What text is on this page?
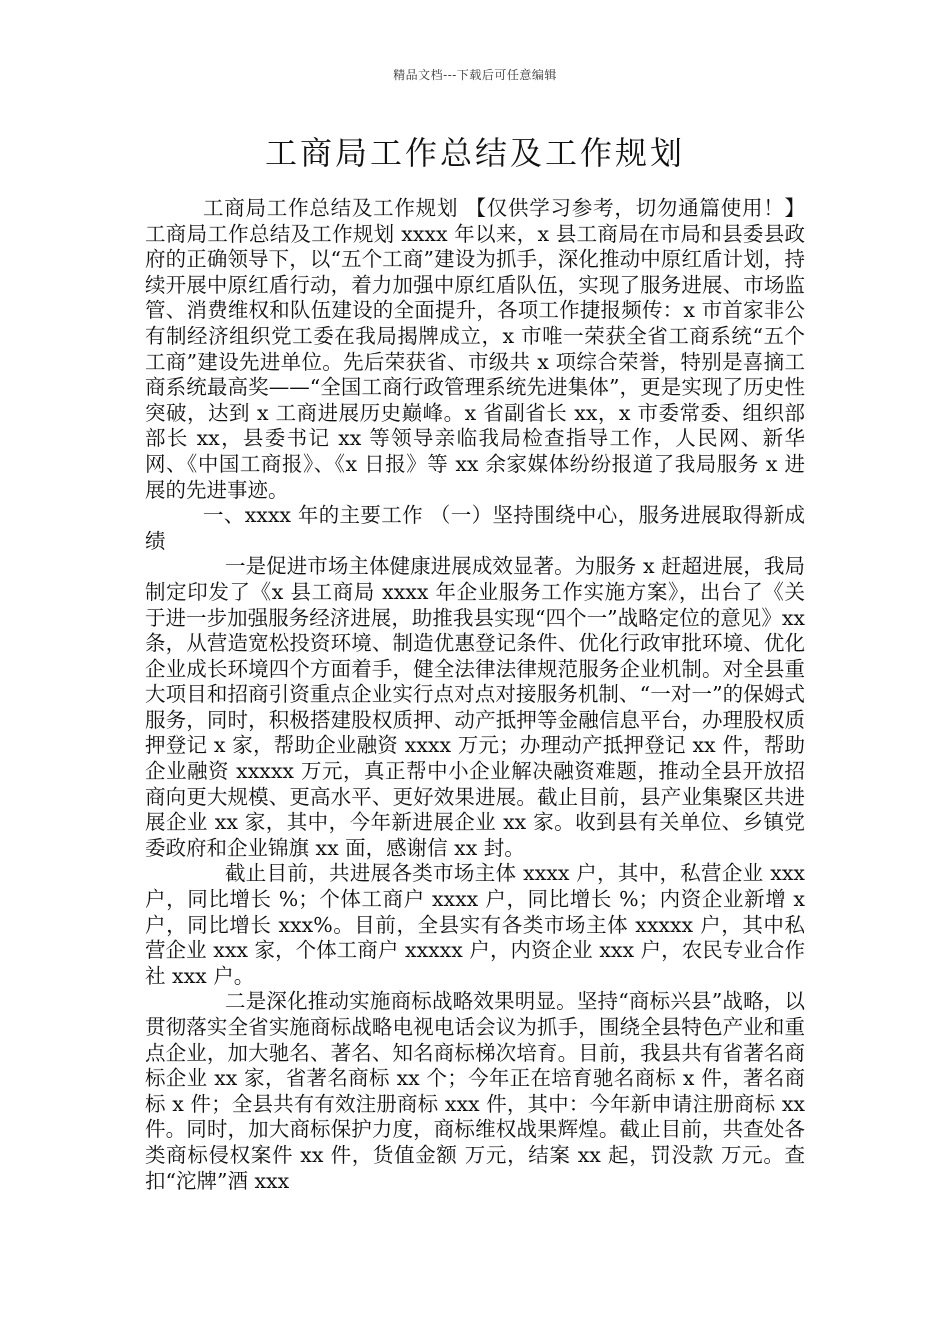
精品文档---下载后可任意编辑
工商局工作总结及工作规划

工商局工作总结及工作规划 【仅供学习参考，切勿通篇使用！】 工商局工作总结及工作规划 xxxx 年以来，x 县工商局在市局和县委县政府的正确领导下，以“五个工商”建设为抓手，深化推动中原红盾计划，持续开展中原红盾行动，着力加强中原红盾队伍，实现了服务进展、市场监管、消费维权和队伍建设的全面提升，各项工作捷报频传：x 市首家非公有制经济组织党工委在我局揭牌成立，x 市唯一荣获全省工商系统“五个工商”建设先进单位。先后荣获省、市级共 x 项综合荣誉，特别是喜摘工商系统最高奖——“全国工商行政管理系统先进集体”，更是实现了历史性突破，达到 x 工商进展历史巅峰。x 省副省长 xx，x 市委常委、组织部部长 xx，县委书记 xx 等领导亲临我局检查指导工作，人民网、新华网、《中国工商报》、《x 日报》等 xx 余家媒体纷纷报道了我局服务 x 进展的先进事迹。

一、xxxx 年的主要工作 （一）坚持围绕中心，服务进展取得新成绩

一是促进市场主体健康进展成效显著。为服务 x 赶超进展，我局制定印发了《x 县工商局 xxxx 年企业服务工作实施方案》，出台了《关于进一步加强服务经济进展，助推我县实现“四个一”战略定位的意见》xx 条，从营造宽松投资环境、制造优惠登记条件、优化行政审批环境、优化企业成长环境四个方面着手，健全法律法律规范服务企业机制。对全县重大项目和招商引资重点企业实行点对点对接服务机制、“一对一”的保姆式服务，同时，积极搭建股权质押、动产抵押等金融信息平台，办理股权质押登记 x 家，帮助企业融资 xxxx 万元；办理动产抵押登记 xx 件，帮助企业融资 xxxxx 万元，真正帮中小企业解决融资难题，推动全县开放招商向更大规模、更高水平、更好效果进展。截止目前，县产业集聚区共进展企业 xx 家，其中，今年新进展企业 xx 家。收到县有关单位、乡镇党委政府和企业锦旗 xx 面，感谢信 xx 封。

截止目前，共进展各类市场主体 xxxx 户，其中，私营企业 xxx 户，同比增长 %；个体工商户 xxxx 户，同比增长 %；内资企业新增 x 户，同比增长 xxx%。目前，全县实有各类市场主体 xxxxx 户，其中私营企业 xxx 家，个体工商户 xxxxx 户，内资企业 xxx 户，农民专业合作社 xxx 户。

二是深化推动实施商标战略效果明显。坚持“商标兴县”战略，以贯彻落实全省实施商标战略电视电话会议为抓手，围绕全县特色产业和重点企业，加大驰名、著名、知名商标梯次培育。目前，我县共有省著名商标企业 xx 家，省著名商标 xx 个；今年正在培育驰名商标 x 件，著名商标 x 件；全县共有有效注册商标 xxx 件，其中：今年新申请注册商标 xx 件。同时，加大商标保护力度，商标维权战果辉煌。截止目前，共查处各类商标侵权案件 xx 件，货值金额 万元，结案 xx 起，罚没款 万元。查扣“沱牌”酒 xxx
